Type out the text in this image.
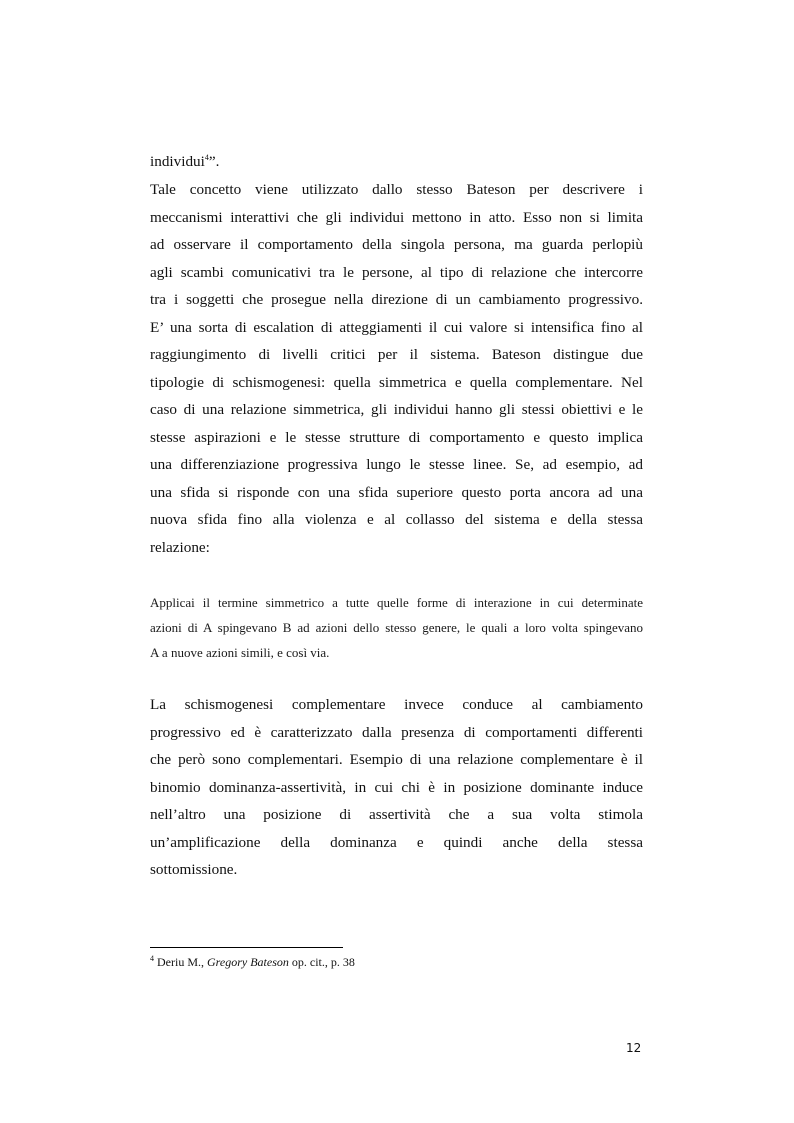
individui$^4$”.

Tale concetto viene utilizzato dallo stesso Bateson per descrivere i

meccanismi interattivi che gli individui mettono in atto. Esso non si limita

ad osservare il comportamento della singola persona, ma guarda perlopiù

agli scambi comunicativi tra le persone, al tipo di relazione che intercorre

tra i soggetti che prosegue nella direzione di un cambiamento progressivo.

E’ una sorta di escalation di atteggiamenti il cui valore si intensifica fino al

raggiungimento di livelli critici per il sistema. Bateson distingue due

tipologie di schismogenesi: quella simmetrica e quella complementare. Nel

caso di una relazione simmetrica, gli individui hanno gli stessi obiettivi e le

stesse aspirazioni e le stesse strutture di comportamento e questo implica

una differenziazione progressiva lungo le stesse linee. Se, ad esempio, ad

una sfida si risponde con una sfida superiore questo porta ancora ad una

nuova sfida fino alla violenza e al collasso del sistema e della stessa

relazione:

Applicai il termine simmetrico a tutte quelle forme di interazione in cui determinate

azioni di A spingevano B ad azioni dello stesso genere, le quali a loro volta spingevano

A a nuove azioni simili, e così via.

La schismogenesi complementare invece conduce al cambiamento

progressivo ed è caratterizzato dalla presenza di comportamenti differenti

che però sono complementari. Esempio di una relazione complementare è il

binomio dominanza-assertività, in cui chi è in posizione dominante induce

nell’altro una posizione di assertività che a sua volta stimola

un’amplificazione della dominanza e quindi anche della stessa

sottomissione.

$^4$ Deriu M., Gregory Bateson op. cit., p. 38
12
